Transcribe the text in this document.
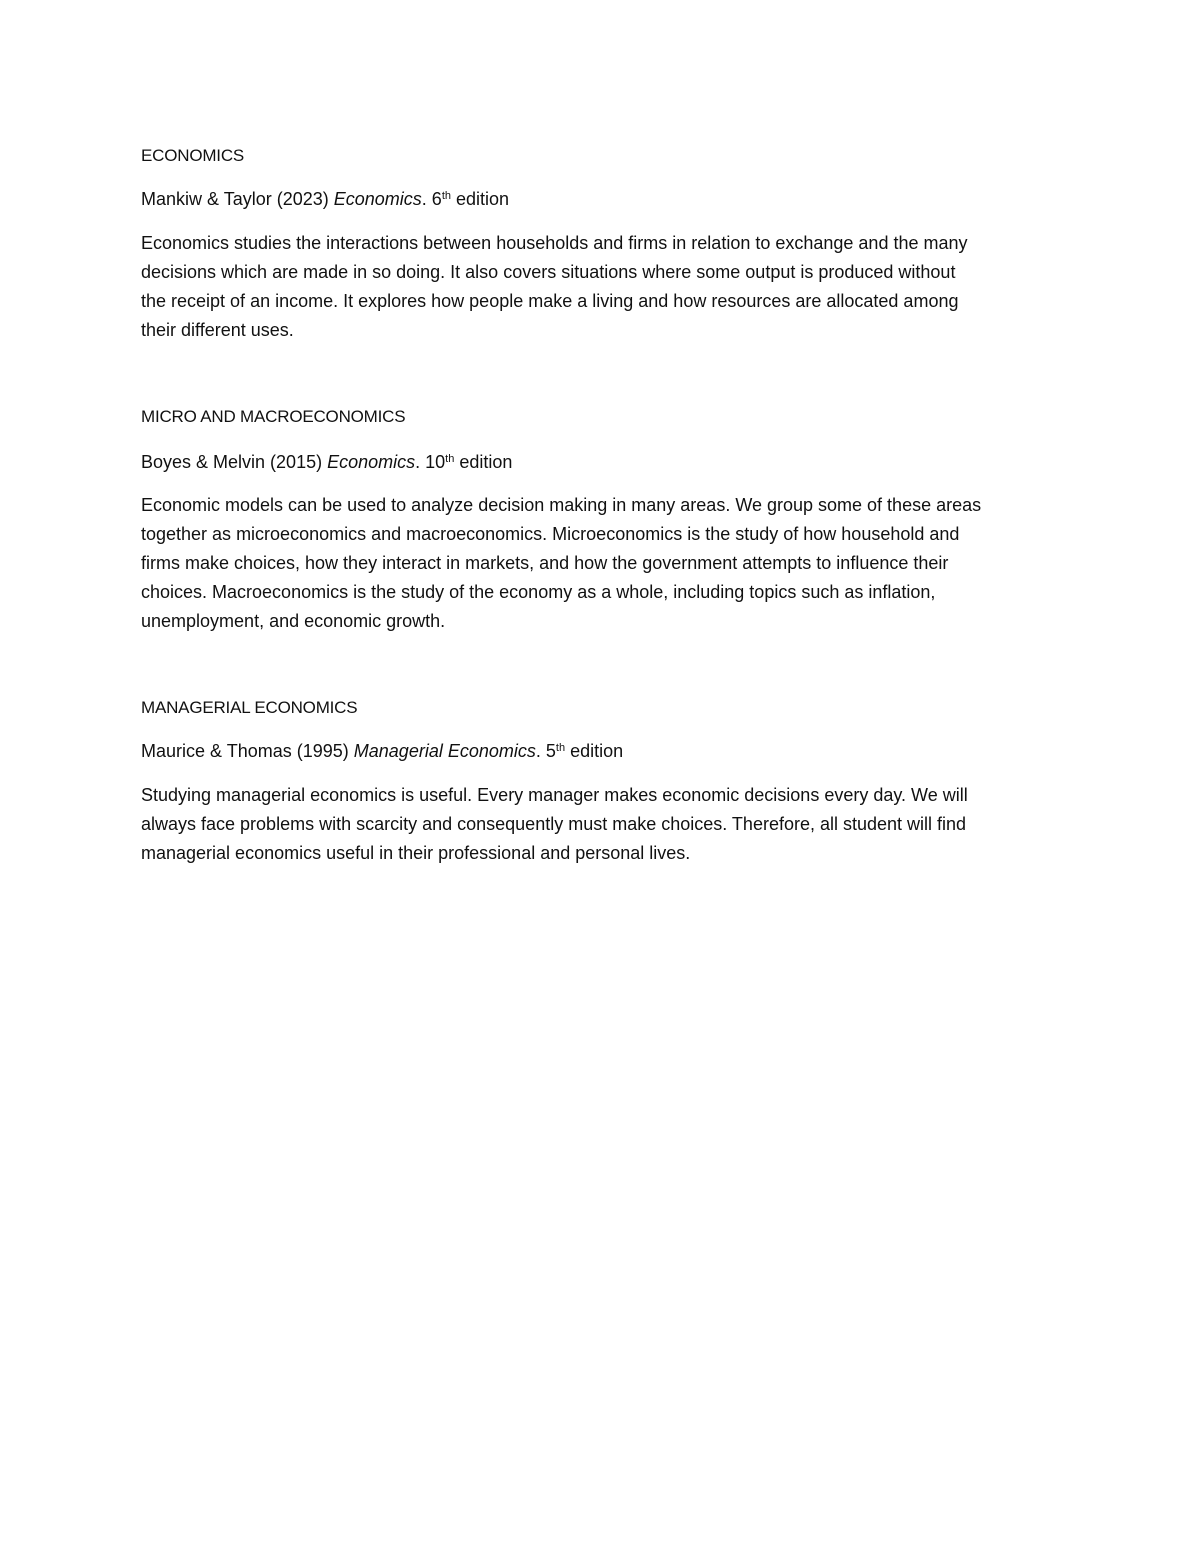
ECONOMICS
Mankiw & Taylor (2023) Economics. 6th edition
Economics studies the interactions between households and firms in relation to exchange and the many
decisions which are made in so doing. It also covers situations where some output is produced without
the receipt of an income. It explores how people make a living and how resources are allocated among
their different uses.
MICRO AND MACROECONOMICS
Boyes & Melvin (2015) Economics. 10th edition
Economic models can be used to analyze decision making in many areas. We group some of these areas
together as microeconomics and macroeconomics. Microeconomics is the study of how household and
firms make choices, how they interact in markets, and how the government attempts to influence their
choices. Macroeconomics is the study of the economy as a whole, including topics such as inflation,
unemployment, and economic growth.
MANAGERIAL ECONOMICS
Maurice & Thomas (1995) Managerial Economics. 5th edition
Studying managerial economics is useful. Every manager makes economic decisions every day. We will
always face problems with scarcity and consequently must make choices. Therefore, all student will find
managerial economics useful in their professional and personal lives.
